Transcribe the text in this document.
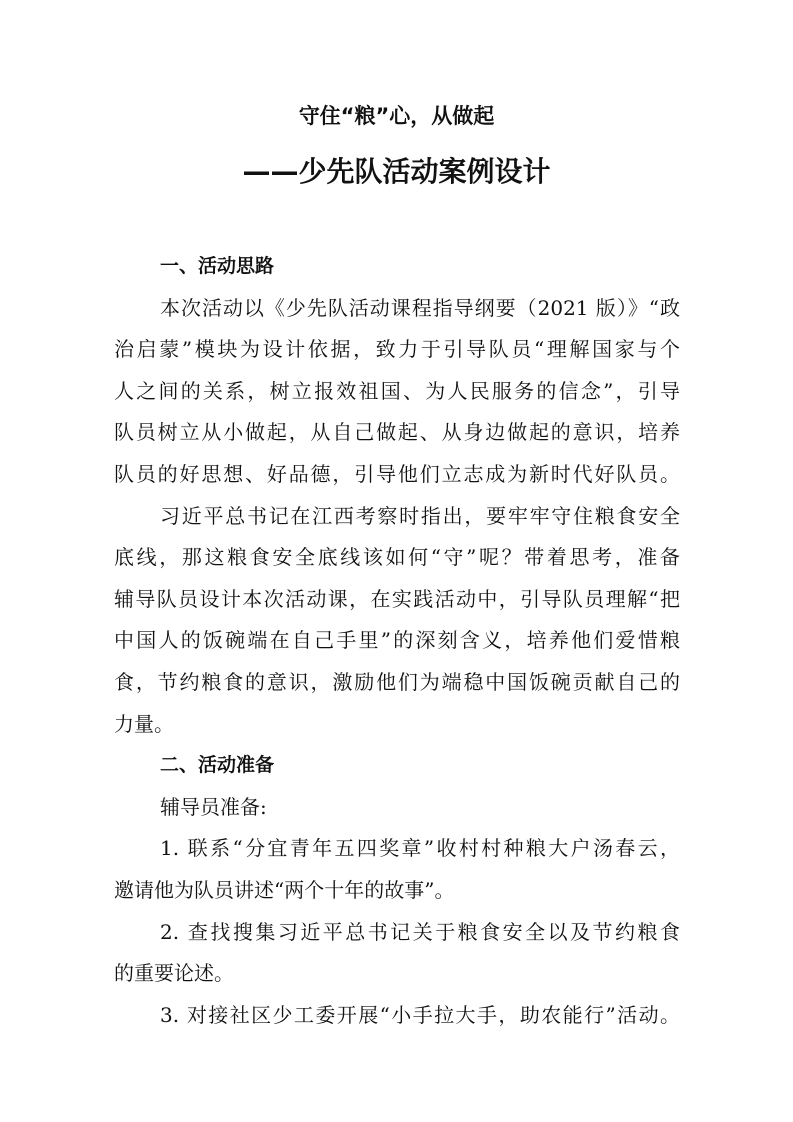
守住“粮”心，从做起
——少先队活动案例设计
一、活动思路
本次活动以《少先队活动课程指导纲要（2021 版）》“政
治启蒙”模块为设计依据，致力于引导队员“理解国家与个
人之间的关系，树立报效祖国、为人民服务的信念”，引导
队员树立从小做起，从自己做起、从身边做起的意识，培养
队员的好思想、好品德，引导他们立志成为新时代好队员。
习近平总书记在江西考察时指出，要牢牢守住粮食安全
底线，那这粮食安全底线该如何“守”呢？带着思考，准备
辅导队员设计本次活动课，在实践活动中，引导队员理解“把
中国人的饭碗端在自己手里”的深刻含义，培养他们爱惜粮
食，节约粮食的意识，激励他们为端稳中国饭碗贡献自己的
力量。
二、活动准备
辅导员准备:
1. 联系“分宜青年五四奖章”收村村种粮大户汤春云，
邀请他为队员讲述“两个十年的故事”。
2. 查找搜集习近平总书记关于粮食安全以及节约粮食
的重要论述。
3. 对接社区少工委开展“小手拉大手，助农能行”活动。
